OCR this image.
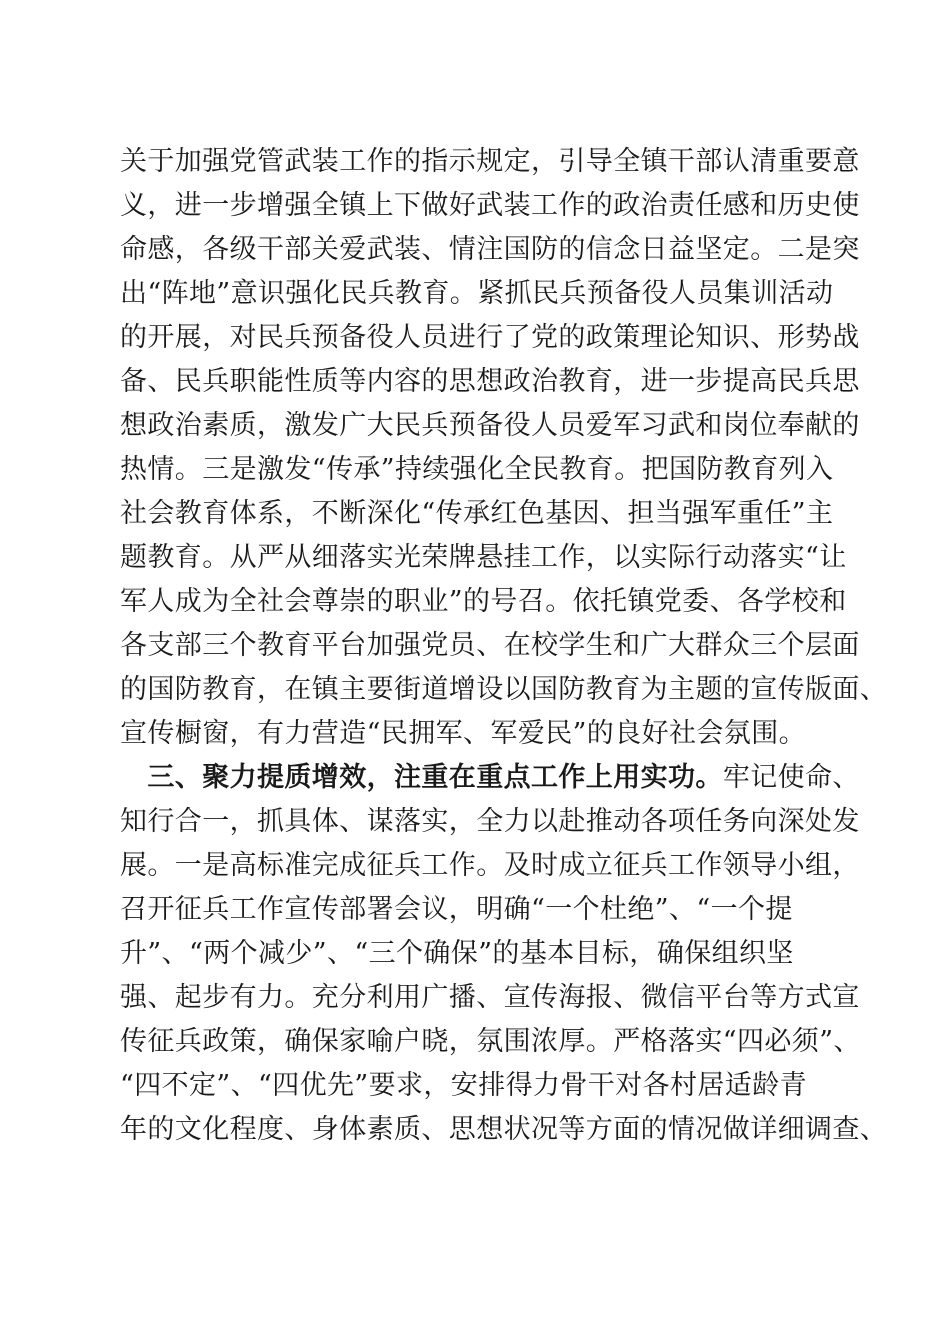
关于加强党管武装工作的指示规定，引导全镇干部认清重要意
义，进一步增强全镇上下做好武装工作的政治责任感和历史使
命感，各级干部关爱武装、情注国防的信念日益坚定。二是突
出“阵地”意识强化民兵教育。紧抓民兵预备役人员集训活动
的开展，对民兵预备役人员进行了党的政策理论知识、形势战
备、民兵职能性质等内容的思想政治教育，进一步提高民兵思
想政治素质，激发广大民兵预备役人员爱军习武和岗位奉献的
热情。三是激发“传承”持续强化全民教育。把国防教育列入
社会教育体系，不断深化“传承红色基因、担当强军重任”主
题教育。从严从细落实光荣牌悬挂工作，以实际行动落实“让
军人成为全社会尊崇的职业”的号召。依托镇党委、各学校和
各支部三个教育平台加强党员、在校学生和广大群众三个层面
的国防教育，在镇主要街道增设以国防教育为主题的宣传版面、
宣传橱窗，有力营造“民拥军、军爱民”的良好社会氛围。
　三、聚力提质增效，注重在重点工作上用实功。牢记使命、
知行合一，抓具体、谋落实，全力以赴推动各项任务向深处发
展。一是高标准完成征兵工作。及时成立征兵工作领导小组，
召开征兵工作宣传部署会议，明确“一个杜绝”、“一个提
升”、“两个减少”、“三个确保”的基本目标，确保组织坚
强、起步有力。充分利用广播、宣传海报、微信平台等方式宣
传征兵政策，确保家喻户晓，氛围浓厚。严格落实“四必须”、
“四不定”、“四优先”要求，安排得力骨干对各村居适龄青
年的文化程度、身体素质、思想状况等方面的情况做详细调查、
